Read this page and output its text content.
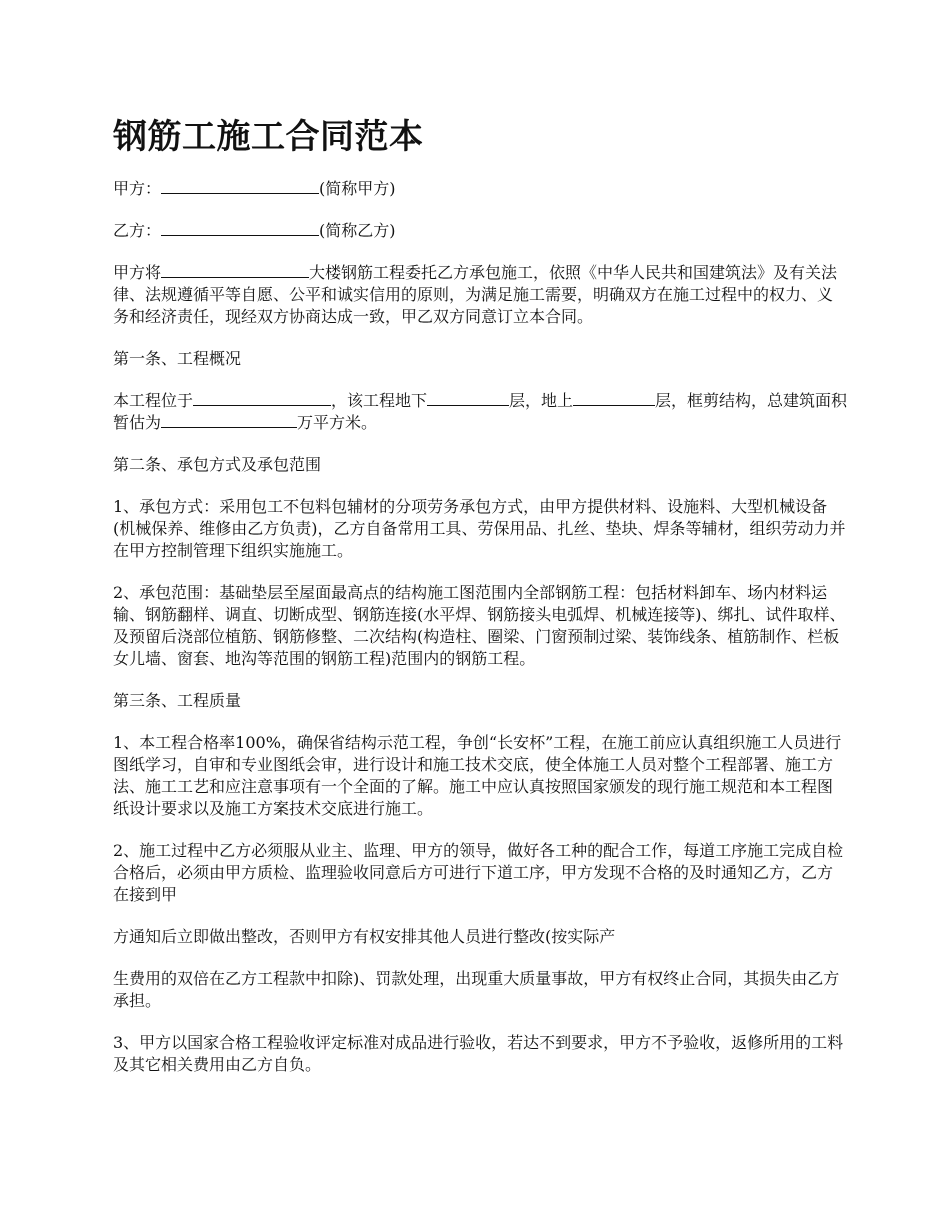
钢筋工施工合同范本

甲方：	(简称甲方)

乙方：	(简称乙方)

甲方将	大楼钢筋工程委托乙方承包施工，依照《中华人民共和国建筑法》及有关法律、法规遵循平等自愿、公平和诚实信用的原则，为满足施工需要，明确双方在施工过程中的权力、义务和经济责任，现经双方协商达成一致，甲乙双方同意订立本合同。

第一条、工程概况

本工程位于	，该工程地下	层，地上	层，框剪结构，总建筑面积暂估为	万平方米。

第二条、承包方式及承包范围

1、承包方式：采用包工不包料包辅材的分项劳务承包方式，由甲方提供材料、设施料、大型机械设备(机械保养、维修由乙方负责)，乙方自备常用工具、劳保用品、扎丝、垫块、焊条等辅材，组织劳动力并在甲方控制管理下组织实施施工。

2、承包范围：基础垫层至屋面最高点的结构施工图范围内全部钢筋工程：包括材料卸车、场内材料运输、钢筋翻样、调直、切断成型、钢筋连接(水平焊、钢筋接头电弧焊、机械连接等)、绑扎、试件取样、及预留后浇部位植筋、钢筋修整、二次结构(构造柱、圈梁、门窗预制过梁、装饰线条、植筋制作、栏板女儿墙、窗套、地沟等范围的钢筋工程)范围内的钢筋工程。

第三条、工程质量

1、本工程合格率100%，确保省结构示范工程，争创“长安杯”工程，在施工前应认真组织施工人员进行图纸学习，自审和专业图纸会审，进行设计和施工技术交底，使全体施工人员对整个工程部署、施工方法、施工工艺和应注意事项有一个全面的了解。施工中应认真按照国家颁发的现行施工规范和本工程图纸设计要求以及施工方案技术交底进行施工。

2、施工过程中乙方必须服从业主、监理、甲方的领导，做好各工种的配合工作，每道工序施工完成自检合格后，必须由甲方质检、监理验收同意后方可进行下道工序，甲方发现不合格的及时通知乙方，乙方在接到甲

方通知后立即做出整改，否则甲方有权安排其他人员进行整改(按实际产

生费用的双倍在乙方工程款中扣除)、罚款处理，出现重大质量事故，甲方有权终止合同，其损失由乙方承担。

3、甲方以国家合格工程验收评定标准对成品进行验收，若达不到要求，甲方不予验收，返修所用的工料及其它相关费用由乙方自负。
